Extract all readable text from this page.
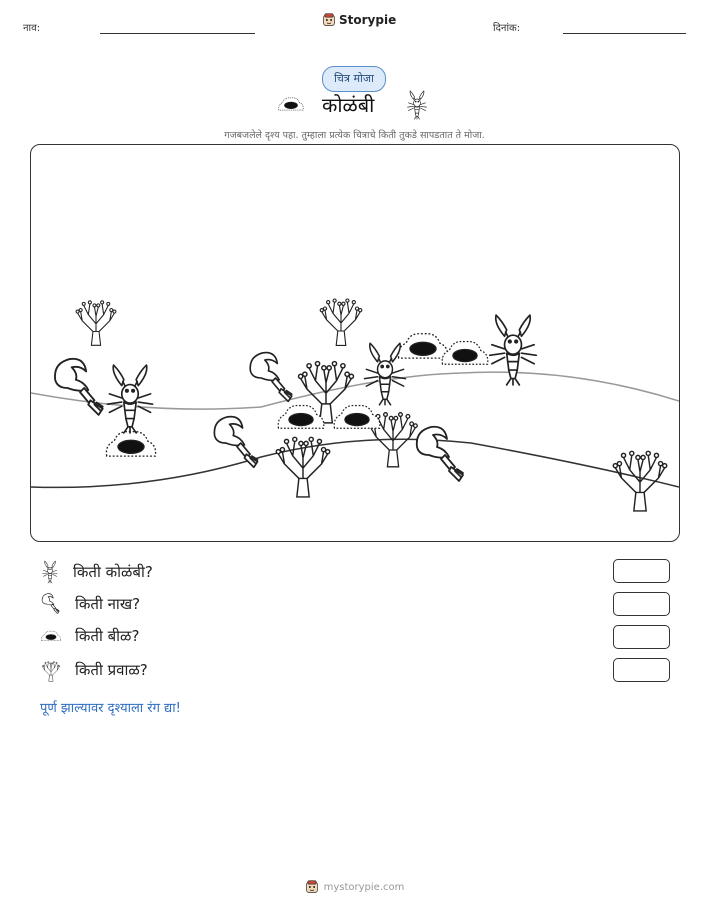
नाव:
Storypie
दिनांक:
चित्र मोजा
कोळंबी
गजबजलेले दृश्य पहा. तुम्हाला प्रत्येक चित्राचे किती तुकडे सापडतात ते मोजा.
किती कोळंबी?
किती नाख?
किती बीळ?
किती प्रवाळ?
पूर्ण झाल्यावर दृश्याला रंग द्या!
mystorypie.com
